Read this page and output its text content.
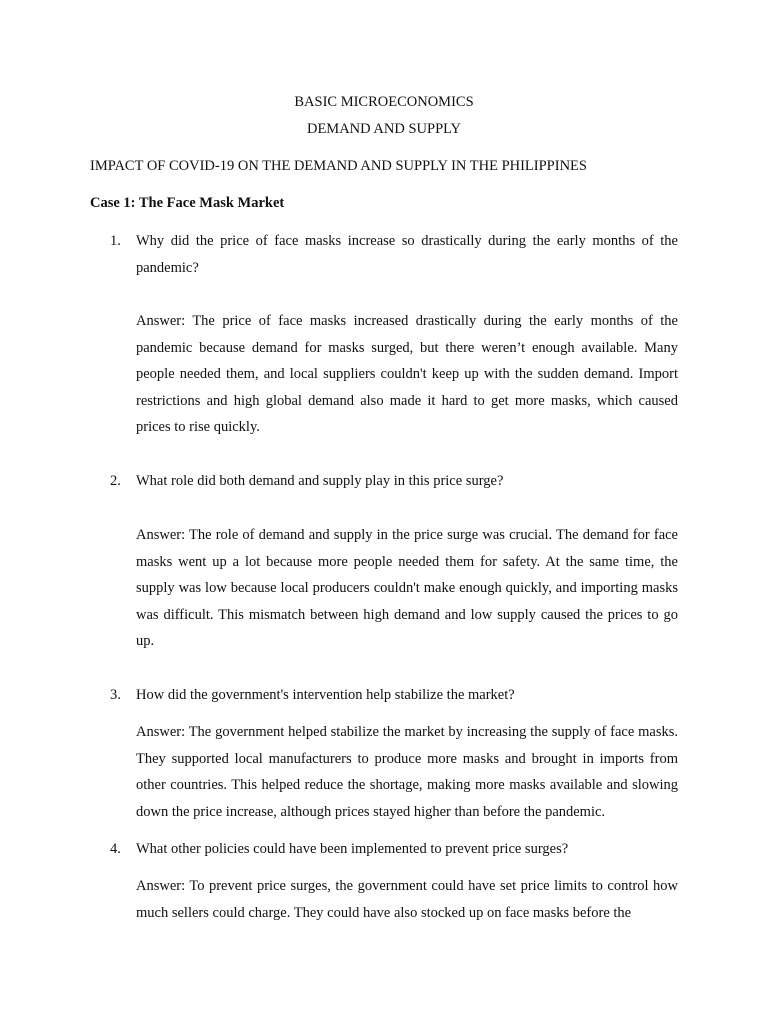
BASIC MICROECONOMICS
DEMAND AND SUPPLY
IMPACT OF COVID-19 ON THE DEMAND AND SUPPLY IN THE PHILIPPINES
Case 1: The Face Mask Market
1.	Why did the price of face masks increase so drastically during the early months of the pandemic?
Answer: The price of face masks increased drastically during the early months of the pandemic because demand for masks surged, but there weren’t enough available. Many people needed them, and local suppliers couldn't keep up with the sudden demand. Import restrictions and high global demand also made it hard to get more masks, which caused prices to rise quickly.
2.	What role did both demand and supply play in this price surge?
Answer: The role of demand and supply in the price surge was crucial. The demand for face masks went up a lot because more people needed them for safety. At the same time, the supply was low because local producers couldn't make enough quickly, and importing masks was difficult. This mismatch between high demand and low supply caused the prices to go up.
3.	How did the government's intervention help stabilize the market?
Answer: The government helped stabilize the market by increasing the supply of face masks. They supported local manufacturers to produce more masks and brought in imports from other countries. This helped reduce the shortage, making more masks available and slowing down the price increase, although prices stayed higher than before the pandemic.
4.	What other policies could have been implemented to prevent price surges?
Answer: To prevent price surges, the government could have set price limits to control how much sellers could charge. They could have also stocked up on face masks before the
